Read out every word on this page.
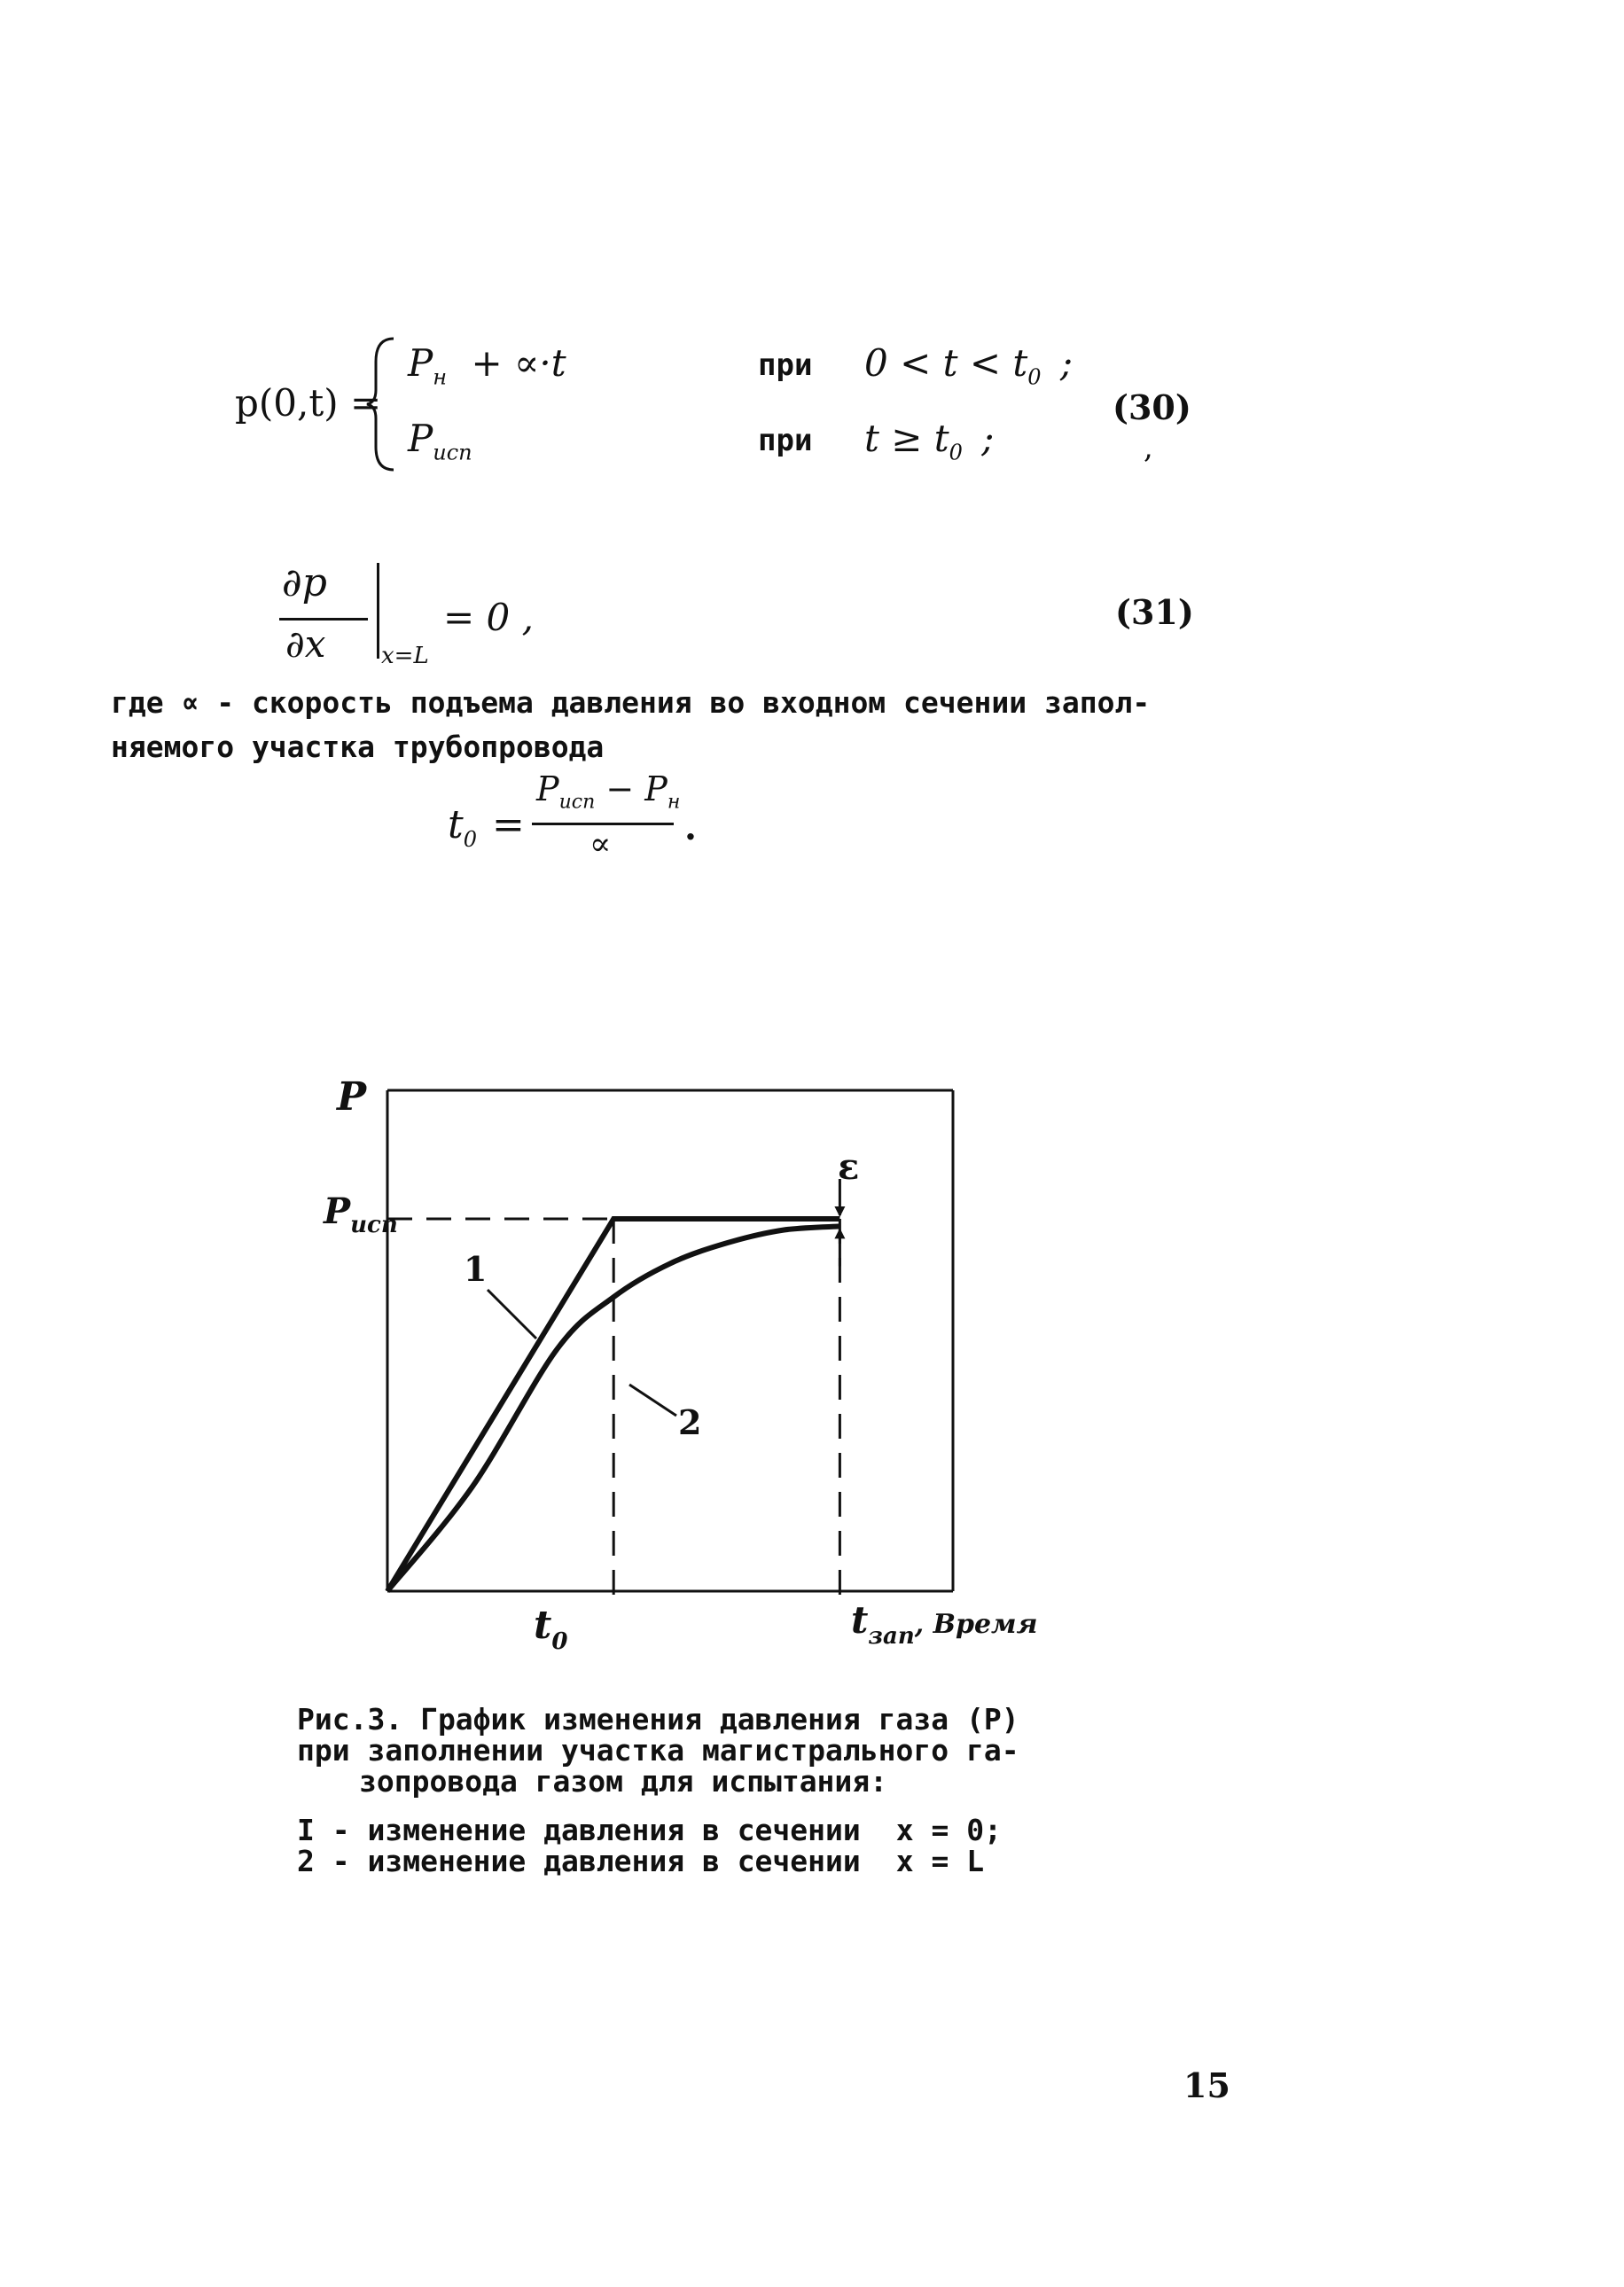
p(0,t) =
$P_н + \propto\cdot t$	при $0 < t < t_0$ ;
$P_{исп}$	при $t \ge t_0$ ;
(30)
,
∂p
∂x x=L
= 0 ,	(31)
где ∝ - скорость подъема давления во входном сечении запол-
няемого участка трубопровода
$t_0$ =
$P_{исп} - P_н$
∝ .
P
$P_{исп}$
$t_0$	$t_{зап}^{, Время}$
ε
1
2
Рис.3. График изменения давления газа (Р)
при заполнении участка магистрального га-
зопровода газом для испытания:
I - изменение давления в сечении x = 0;
2 - изменение давления в сечении x = L
15
